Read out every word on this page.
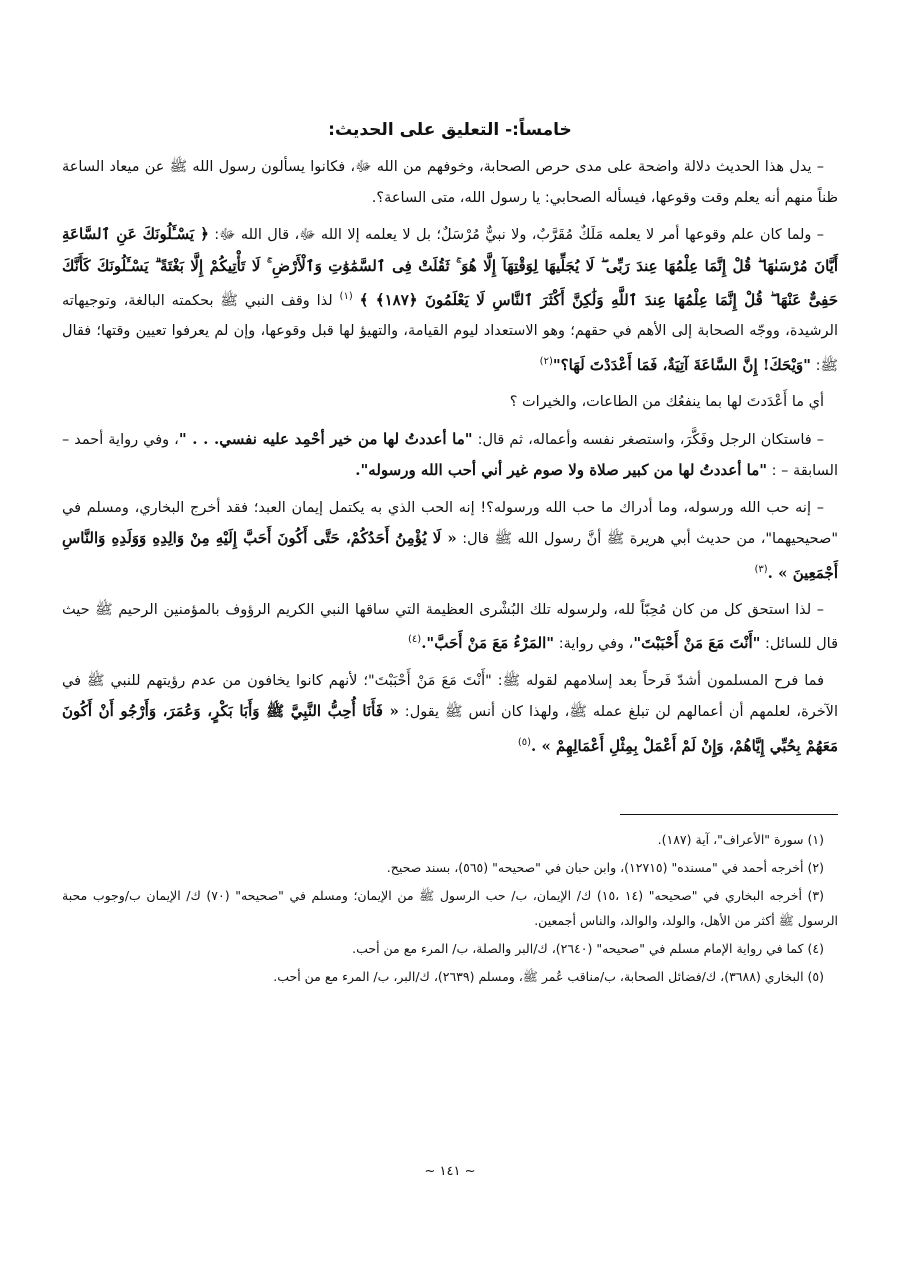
خامساً:- التعليق على الحديث:

– يدل هذا الحديث دلالة واضحة على مدى حرص الصحابة، وخوفهم من الله ﷻ، فكانوا يسألون رسول الله ﷺ عن ميعاد الساعة ظناً منهم أنه يعلم وقت وقوعها، فيسأله الصحابي: يا رسول الله، متى الساعة؟.

– ولما كان علم وقوعها أمر لا يعلمه مَلَكٌ مُقَرَّبٌ، ولا نبيٌّ مُرْسَلٌ؛ بل لا يعلمه إلا الله ﷻ، قال الله ﷻ: ﴿ يَسْـَٔلُونَكَ عَنِ ٱلسَّاعَةِ أَيَّانَ مُرْسَىٰهَا ۖ قُلْ إِنَّمَا عِلْمُهَا عِندَ رَبِّى ۖ لَا يُجَلِّيهَا لِوَقْتِهَآ إِلَّا هُوَ ۚ ثَقُلَتْ فِى ٱلسَّمَٰوَٰتِ وَٱلْأَرْضِ ۚ لَا تَأْتِيكُمْ إِلَّا بَغْتَةً ۗ يَسْـَٔلُونَكَ كَأَنَّكَ حَفِىٌّ عَنْهَا ۖ قُلْ إِنَّمَا عِلْمُهَا عِندَ ٱللَّهِ وَلَٰكِنَّ أَكْثَرَ ٱلنَّاسِ لَا يَعْلَمُونَ ﴿١٨٧﴾ ﴾ $^{(١)}$ لذا وقف النبي ﷺ بحكمته البالغة، وتوجيهاته الرشيدة، ووجّه الصحابة إلى الأهم في حقهم؛ وهو الاستعداد ليوم القيامة، والتهيؤ لها قبل وقوعها، وإن لم يعرفوا تعيين وقتها؛ فقال ﷺ: "وَيْحَكَ! إِنَّ السَّاعَةَ آتِيَةٌ، فَمَا أَعْدَدْتَ لَهَا؟"$^{(٢)}$

أي ما أَعْدَدتَ لها بما ينفعُك من الطاعات، والخيرات ؟

– فاستكان الرجل وفَكَّرَ، واستصغر نفسه وأعماله، ثم قال: "ما أعددتُ لها من خير أحْمِد عليه نفسي. . . "، وفي رواية أحمد – السابقة – : "ما أعددتُ لها من كبير صلاة ولا صوم غير أني أحب الله ورسوله".

– إنه حب الله ورسوله، وما أدراك ما حب الله ورسوله؟! إنه الحب الذي به يكتمل إيمان العبد؛ فقد أخرج البخاري، ومسلم في "صحيحيهما"، من حديث أبي هريرة ﷺ أنَّ رسول الله ﷺ قال: « لَا يُؤْمِنُ أَحَدُكُمْ، حَتَّى أَكُونَ أَحَبَّ إِلَيْهِ مِنْ وَالِدِهِ وَوَلَدِهِ وَالنَّاسِ أَجْمَعِينَ » .$^{(٣)}$

– لذا استحق كل من كان مُحِبّاً لله، ولرسوله تلك البُشْرى العظيمة التي ساقها النبي الكريم الرؤوف بالمؤمنين الرحيم ﷺ حيث قال للسائل: "أَنْتَ مَعَ مَنْ أَحْبَبْتَ"، وفي رواية: "المَرْءُ مَعَ مَنْ أَحَبَّ".$^{(٤)}$

فما فرح المسلمون أشدّ فَرحاً بعد إسلامهم لقوله ﷺ: "أَنْتَ مَعَ مَنْ أَحْبَبْتَ"؛ لأنهم كانوا يخافون من عدم رؤيتهم للنبي ﷺ في الآخرة، لعلمهم أن أعمالهم لن تبلغ عمله ﷺ، ولهذا كان أنس ﷺ يقول: « فَأَنَا أُحِبُّ النَّبِيَّ ﷺ وَأَبَا بَكْرٍ، وَعُمَرَ، وَأَرْجُو أَنْ أَكُونَ مَعَهُمْ بِحُبِّي إِيَّاهُمْ، وَإِنْ لَمْ أَعْمَلْ بِمِثْلِ أَعْمَالِهِمْ » .$^{(٥)}$

(١) سورة "الأعراف"، آية (١٨٧).

(٢) أخرجه أحمد في "مسنده" (١٢٧١٥)، وابن حبان في "صحيحه" (٥٦٥)، بسند صحيح.

(٣) أخرجه البخاري في "صحيحه" (١٤ ،١٥) ك/ الإيمان، ب/ حب الرسول ﷺ من الإيمان؛ ومسلم في "صحيحه" (٧٠) ك/ الإيمان ب/وجوب محبة الرسول ﷺ أكثر من الأهل، والولد، والوالد، والناس أجمعين.

(٤) كما في رواية الإمام مسلم في "صحيحه" (٢٦٤٠)، ك/البر والصلة، ب/ المرء مع من أحب.

(٥) البخاري (٣٦٨٨)، ك/فضائل الصحابة، ب/مناقب عُمر ﷺ، ومسلم (٢٦٣٩)، ك/البر، ب/ المرء مع من أحب.

~ ١٤١ ~
